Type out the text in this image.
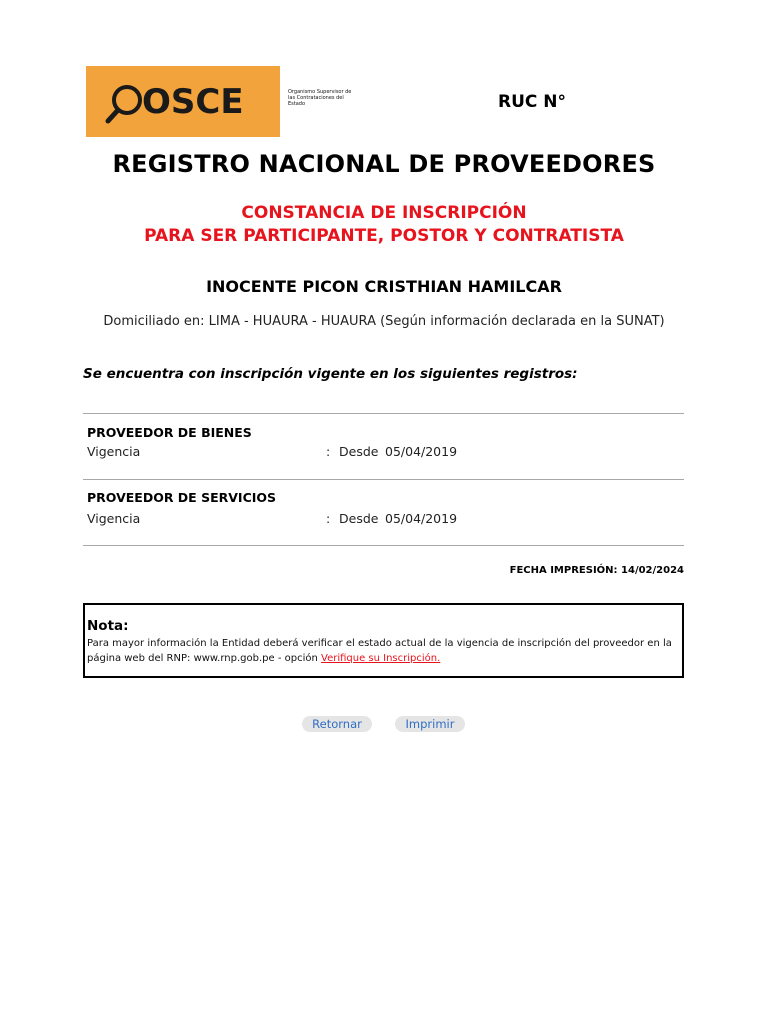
OSCE	Organismo Supervisor de las Contrataciones del Estado	RUC N°
REGISTRO NACIONAL DE PROVEEDORES
CONSTANCIA DE INSCRIPCIÓN
PARA SER PARTICIPANTE, POSTOR Y CONTRATISTA
INOCENTE PICON CRISTHIAN HAMILCAR
Domiciliado en: LIMA - HUAURA - HUAURA (Según información declarada en la SUNAT)
Se encuentra con inscripción vigente en los siguientes registros:
PROVEEDOR DE BIENES
Vigencia	: Desde 05/04/2019
PROVEEDOR DE SERVICIOS
Vigencia	: Desde 05/04/2019
FECHA IMPRESIÓN: 14/02/2024
Nota:
Para mayor información la Entidad deberá verificar el estado actual de la vigencia de inscripción del proveedor en la página web del RNP: www.rnp.gob.pe - opción Verifique su Inscripción.
Retornar	Imprimir
